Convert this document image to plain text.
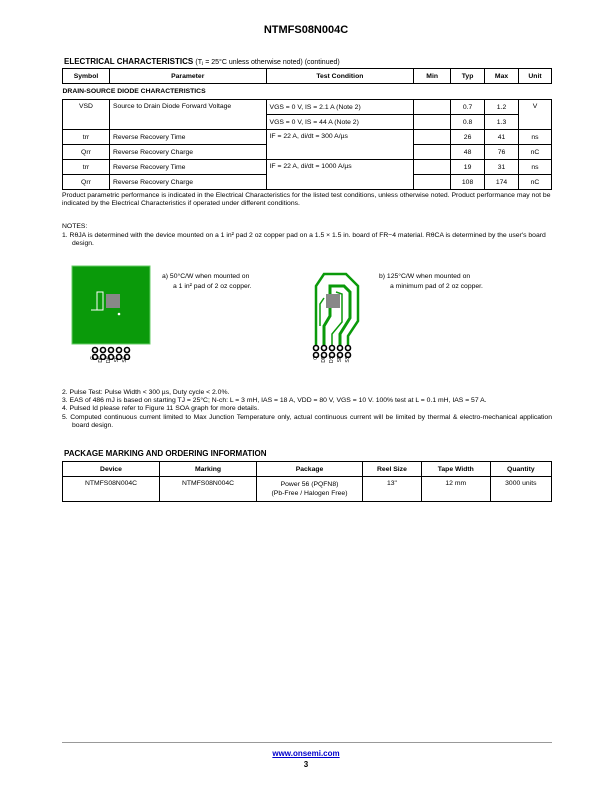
NTMFS08N004C
ELECTRICAL CHARACTERISTICS (Tⱼ = 25°C unless otherwise noted) (continued)
Symbol	Parameter	Test Condition	Min	Typ	Max	Unit
DRAIN-SOURCE DIODE CHARACTERISTICS						
VSD	Source to Drain Diode Forward Voltage	VGS = 0 V, IS = 2.1 A (Note 2)		0.7	1.2	V
		VGS = 0 V, IS = 44 A (Note 2)		0.8	1.3	
trr	Reverse Recovery Time	IF = 22 A, di/dt = 300 A/µs		26	41	ns
Qrr	Reverse Recovery Charge			48	76	nC
trr	Reverse Recovery Time	IF = 22 A, di/dt = 1000 A/µs		19	31	ns
Qrr	Reverse Recovery Charge			108	174	nC
Product parametric performance is indicated in the Electrical Characteristics for the listed test conditions, unless otherwise noted. Product performance may not be indicated by the Electrical Characteristics if operated under different conditions.
NOTES:
1. RθJA is determined with the device mounted on a 1 in² pad 2 oz copper pad on a 1.5 × 1.5 in. board of FR−4 material. RθCA is determined by the user's board design.
G DF DS SF SS
a) 50°C/W when mounted on
a 1 in² pad of 2 oz copper.
G DF DS SF SS
b) 125°C/W when mounted on
a minimum pad of 2 oz copper.
2. Pulse Test: Pulse Width < 300 µs, Duty cycle < 2.0%.
3. EAS of 486 mJ is based on starting TJ = 25°C; N-ch: L = 3 mH, IAS = 18 A, VDD = 80 V, VGS = 10 V. 100% test at L = 0.1 mH, IAS = 57 A.
4. Pulsed Id please refer to Figure 11 SOA graph for more details.
5. Computed continuous current limited to Max Junction Temperature only, actual continuous current will be limited by thermal & electro-mechanical application board design.
PACKAGE MARKING AND ORDERING INFORMATION
Device	Marking	Package	Reel Size	Tape Width	Quantity
NTMFS08N004C	NTMFS08N004C	Power 56 (PQFN8)
(Pb-Free / Halogen Free)	13"	12 mm	3000 units
www.onsemi.com
3
